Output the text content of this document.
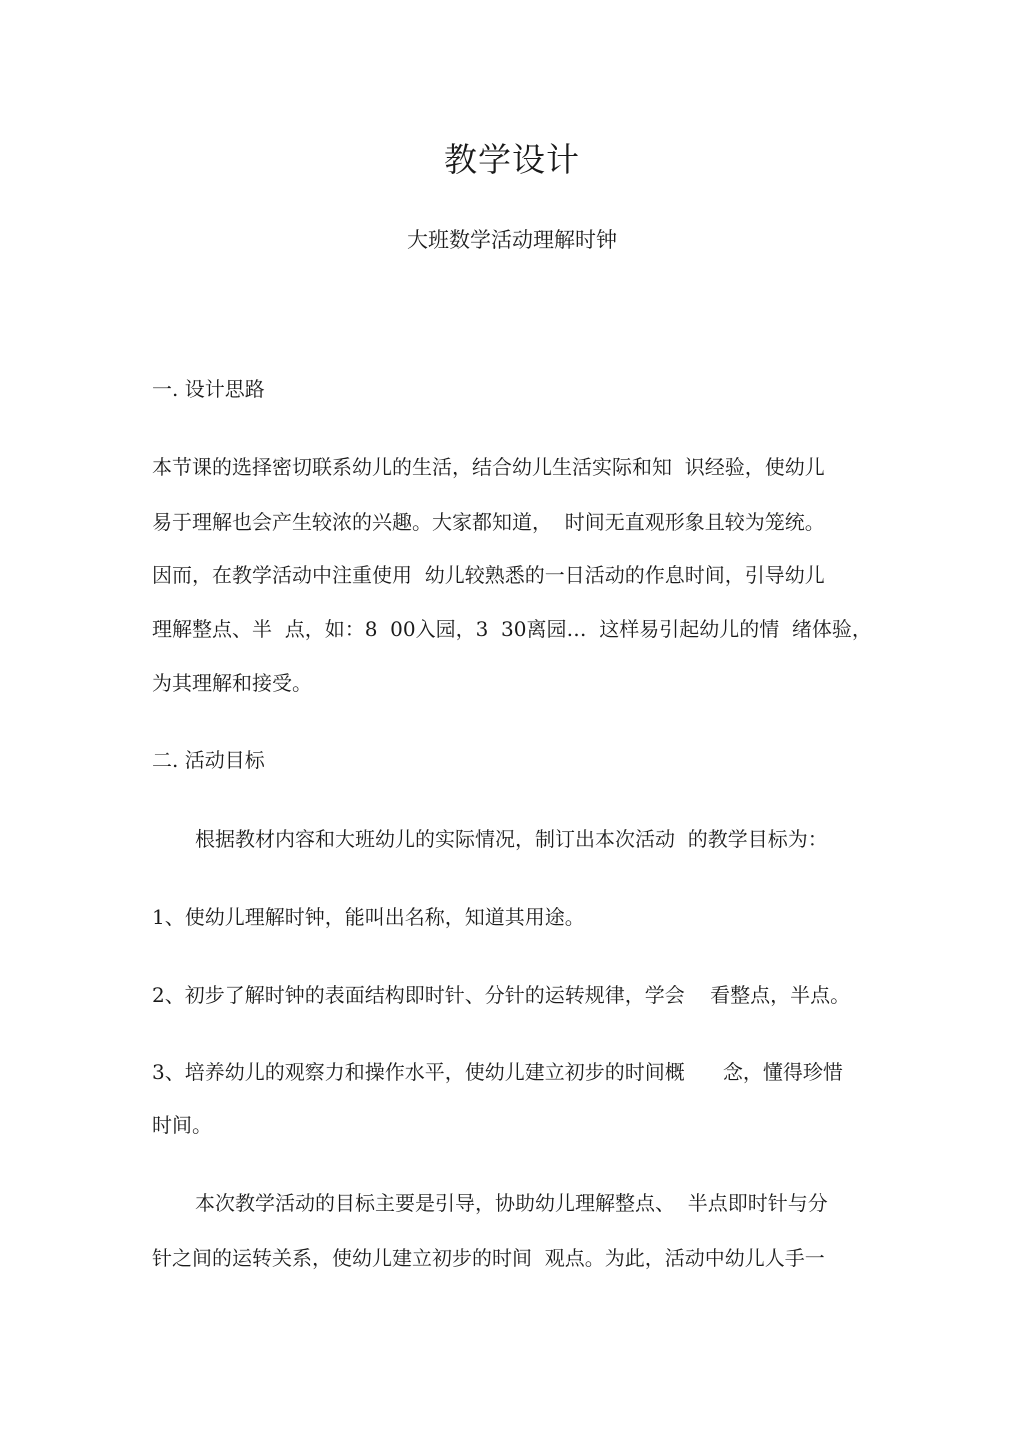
教学设计
大班数学活动理解时钟
一. 设计思路
本节课的选择密切联系幼儿的生活，结合幼儿生活实际和知  识经验，使幼儿
易于理解也会产生较浓的兴趣。大家都知道，  时间无直观形象且较为笼统。
因而，在教学活动中注重使用  幼儿较熟悉的一日活动的作息时间，引导幼儿
理解整点、半  点，如：8  00入园，3  30离园…  这样易引起幼儿的情  绪体验，
为其理解和接受。
二. 活动目标
根据教材内容和大班幼儿的实际情况，制订出本次活动  的教学目标为：
1、使幼儿理解时钟，能叫出名称，知道其用途。
2、初步了解时钟的表面结构即时针、分针的运转规律，学会    看整点，半点。
3、培养幼儿的观察力和操作水平，使幼儿建立初步的时间概      念，懂得珍惜
时间。
本次教学活动的目标主要是引导，协助幼儿理解整点、  半点即时针与分
针之间的运转关系，使幼儿建立初步的时间  观点。为此，活动中幼儿人手一
